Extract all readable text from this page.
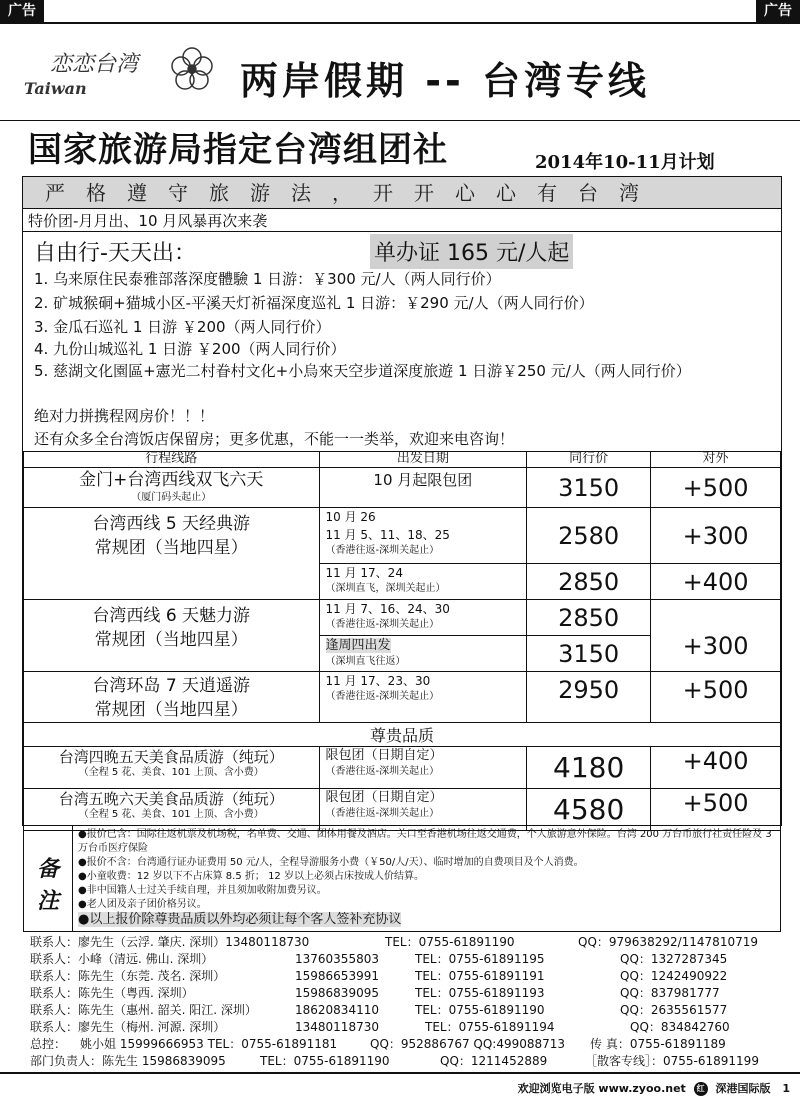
广告	广告
恋恋台湾
Taiwan	两岸假期 -- 台湾专线
国家旅游局指定台湾组团社	2014年10-11月计划
严格遵守旅游法，开开心心有台湾
特价团-月月出、10 月风暴再次来袭
自由行-天天出：	单办证 165 元/人起
1. 乌来原住民泰雅部落深度體驗 1 日游：￥300 元/人（两人同行价）
2. 矿城猴硐+猫城小区-平溪天灯祈福深度巡礼 1 日游：￥290 元/人（两人同行价）
3. 金瓜石巡礼 1 日游 ￥200（两人同行价）
4. 九份山城巡礼 1 日游 ￥200（两人同行价）
5. 慈湖文化園區+憲光二村眷村文化+小烏來天空步道深度旅遊 1 日游￥250 元/人（两人同行价）
绝对力拼携程网房价！！！
还有众多全台湾饭店保留房；更多优惠，不能一一类举，欢迎来电咨询！
行程线路	出发日期	同行价	对外
金门+台湾西线双飞六天
（厦门码头起止）	10 月起限包团	3150	+500
台湾西线 5 天经典游
常规团（当地四星）	10 月 26
11 月 5、11、18、25
（香港往返-深圳关起止）	2580	+300
	11 月 17、24
（深圳直飞，深圳关起止）	2850	+400
台湾西线 6 天魅力游
常规团（当地四星）	11 月 7、16、24、30
（香港往返-深圳关起止）	2850	+300
	逢周四出发
（深圳直飞往返）	3150	
台湾环岛 7 天逍遥游
常规团（当地四星）	11 月 17、23、30
（香港往返-深圳关起止）	2950	+500
尊贵品质			
台湾四晚五天美食品质游（纯玩）
（全程 5 花、美食、101 上顶、含小费）	限包团（日期自定）
（香港往返-深圳关起止）	4180	+400
台湾五晚六天美食品质游（纯玩）
（全程 5 花、美食、101 上顶、含小费）	限包团（日期自定）
（香港往返-深圳关起止）	4580	+500
备注
●报价已含：国际往返机票及机场税，名单费、交通、团体用餐及酒店。关口至香港机场往返交通费，个人旅游意外保险。台湾 200 万台币旅行社责任险及 3 万台币医疗保险
●报价不含：台湾通行证办证费用 50 元/人，全程导游服务小费（￥50/人/天）、临时增加的自费项目及个人消费。
●小童收费：12 岁以下不占床算 8.5 折； 12 岁以上必须占床按成人价结算。
●非中国籍人士过关手续自理，并且须加收附加费另议。
●老人团及亲子团价格另议。
●以上报价除尊贵品质以外均必须让每个客人签补充协议
联系人：廖先生（云浮. 肇庆. 深圳）13480118730	TEL：0755-61891190	QQ：979638292/1147810719
联系人：小峰（清远. 佛山. 深圳）	13760355803	TEL：0755-61891195	QQ：1327287345
联系人：陈先生（东莞. 茂名. 深圳）	15986653991	TEL：0755-61891191	QQ：1242490922
联系人：陈先生（粤西. 深圳）	15986839095	TEL：0755-61891193	QQ：837981777
联系人：陈先生（惠州. 韶关. 阳江. 深圳）	18620834110	TEL：0755-61891190	QQ：2635561577
联系人：廖先生（梅州. 河源. 深圳）	13480118730	TEL：0755-61891194	QQ：834842760
总控： 姚小姐 15999666953 TEL：0755-61891181	QQ：952886767 QQ:499088713 传 真：0755-61891189
部门负责人：陈先生 15986839095	TEL：0755-61891190	QQ：1211452889	［散客专线］：0755-61891199
欢迎浏览电子版 www.zyoo.net	红 深港国际版 1
